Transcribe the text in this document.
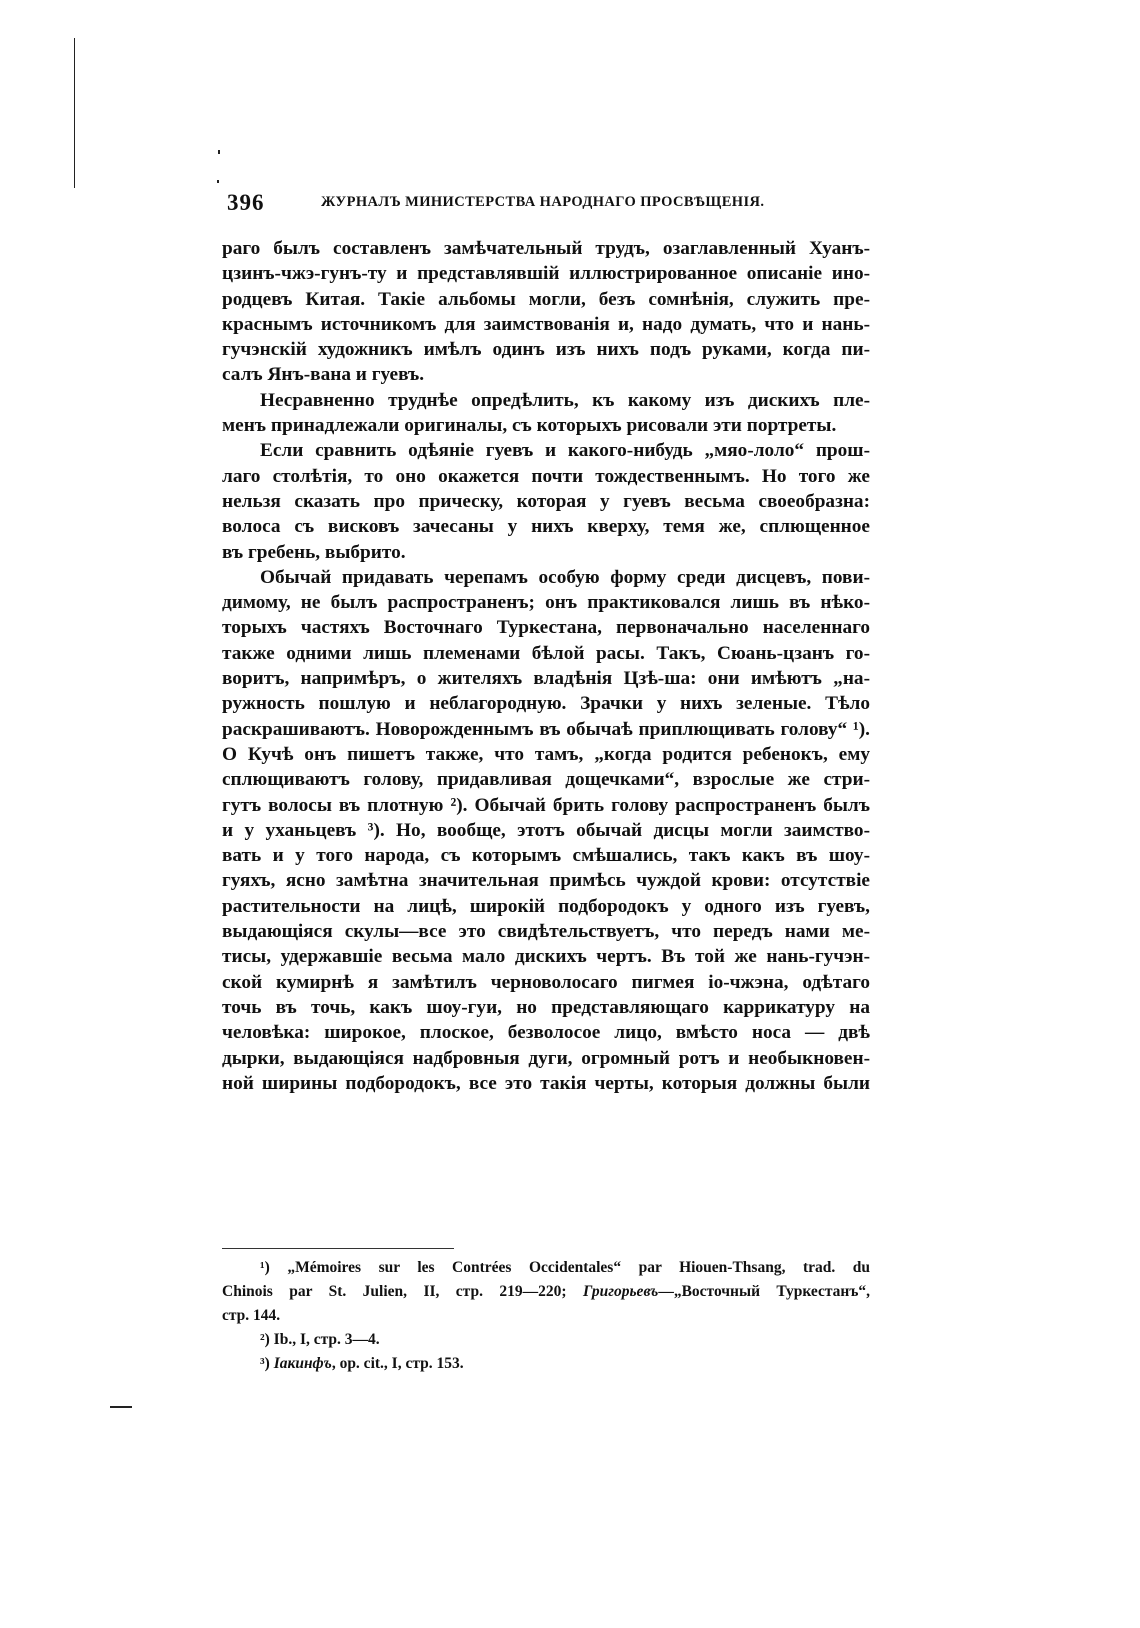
396	ЖУРНАЛЪ МИНИСТЕРСТВА НАРОДНАГО ПРОСВѢЩЕНІЯ.
раго былъ составленъ замѣчательный трудъ, озаглавленный Хуанъ-
цзинъ-чжэ-гунъ-ту и представлявшій иллюстрированное описаніе ино-
родцевъ Китая. Такіе альбомы могли, безъ сомнѣнія, служить пре-
краснымъ источникомъ для заимствованія и, надо думать, что и нань-
гучэнскій художникъ имѣлъ одинъ изъ нихъ подъ руками, когда пи-
салъ Янъ-вана и гуевъ.
Несравненно труднѣе опредѣлить, къ какому изъ дискихъ пле-
менъ принадлежали оригиналы, съ которыхъ рисовали эти портреты.
Если сравнить одѣяніе гуевъ и какого-нибудь „мяо-лоло“ прош-
лаго столѣтія, то оно окажется почти тождественнымъ. Но того же
нельзя сказать про прическу, которая у гуевъ весьма своеобразна:
волоса съ висковъ зачесаны у нихъ кверху, темя же, сплющенное
въ гребень, выбрито.
Обычай придавать черепамъ особую форму среди дисцевъ, пови-
димому, не былъ распространенъ; онъ практиковался лишь въ нѣко-
торыхъ частяхъ Восточнаго Туркестана, первоначально населеннаго
также одними лишь племенами бѣлой расы. Такъ, Сюань-цзанъ го-
воритъ, напримѣръ, о жителяхъ владѣнія Цзѣ-ша: они имѣютъ „на-
ружность пошлую и неблагородную. Зрачки у нихъ зеленые. Тѣло
раскрашиваютъ. Новорожденнымъ въ обычаѣ приплющивать голову“ ¹).
О Кучѣ онъ пишетъ также, что тамъ, „когда родится ребенокъ, ему
сплющиваютъ голову, придавливая дощечками“, взрослые же стри-
гутъ волосы въ плотную ²). Обычай брить голову распространенъ былъ
и у уханьцевъ ³). Но, вообще, этотъ обычай дисцы могли заимство-
вать и у того народа, съ которымъ смѣшались, такъ какъ въ шоу-
гуяхъ, ясно замѣтна значительная примѣсь чуждой крови: отсутствіе
растительности на лицѣ, широкій подбородокъ у одного изъ гуевъ,
выдающіяся скулы—все это свидѣтельствуетъ, что передъ нами ме-
тисы, удержавшіе весьма мало дискихъ чертъ. Въ той же нань-гучэн-
ской кумирнѣ я замѣтилъ черноволосаго пигмея іо-чжэна, одѣтаго
точь въ точь, какъ шоу-гуи, но представляющаго каррикатуру на
человѣка: широкое, плоское, безволосое лицо, вмѣсто носа — двѣ
дырки, выдающіяся надбровныя дуги, огромный ротъ и необыкновен-
ной ширины подбородокъ, все это такія черты, которыя должны были
¹) „Mémoires sur les Contrées Occidentales“ par Hiouen-Thsang, trad. du
Chinois par St. Julien, II, стр. 219—220; Григорьевъ—„Восточный Туркестанъ“,
стр. 144.
²) Ib., I, стр. 3—4.
³) Іакинфъ, op. cit., I, стр. 153.
